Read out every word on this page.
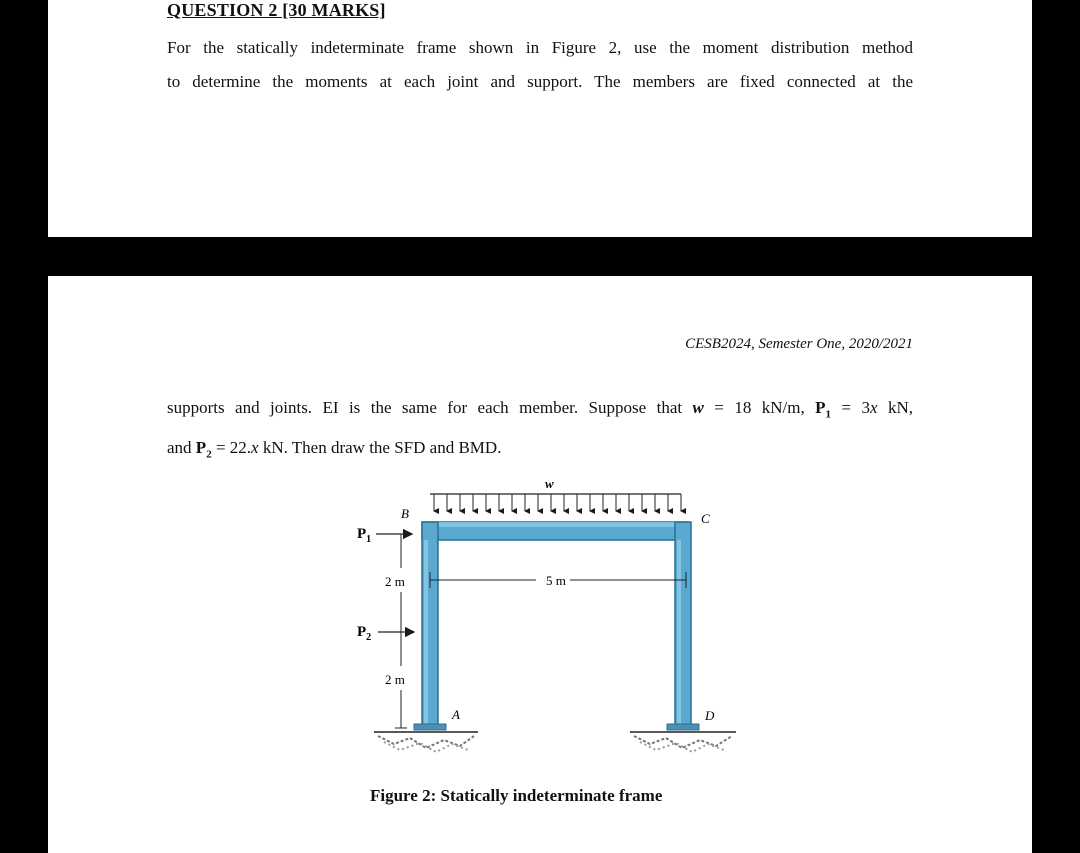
QUESTION 2 [30 MARKS]
For the statically indeterminate frame shown in Figure 2, use the moment distribution method
to determine the moments at each joint and support. The members are fixed connected at the
CESB2024, Semester One, 2020/2021
supports and joints. EI is the same for each member. Suppose that w = 18 kN/m, $P_1 = 3x$ kN,
and $P_2 = 22.x$ kN. Then draw the SFD and BMD.
w
B	C
A	D
$P_1$
$P_2$
2 m
2 m
5 m
Figure 2: Statically indeterminate frame
